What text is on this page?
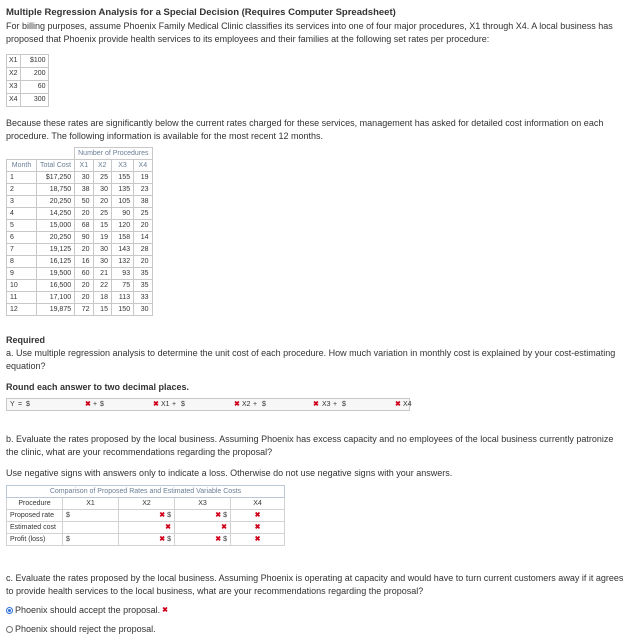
Multiple Regression Analysis for a Special Decision (Requires Computer Spreadsheet)

For billing purposes, assume Phoenix Family Medical Clinic classifies its services into one of four major procedures, X1 through X4. A local business has proposed that Phoenix provide health services to its employees and their families at the following set rates per procedure:

X1	$100
X2	200
X3	60
X4	300

Because these rates are significantly below the current rates charged for these services, management has asked for detailed cost information on each procedure. The following information is available for the most recent 12 months.

		Number of Procedures			
Month	Total Cost	X1	X2	X3	X4
1	$17,250	30	25	155	19
2	18,750	38	30	135	23
3	20,250	50	20	105	38
4	14,250	20	25	90	25
5	15,000	68	15	120	20
6	20,250	90	19	158	14
7	19,125	20	30	143	28
8	16,125	16	30	132	20
9	19,500	60	21	93	35
10	16,500	20	22	75	35
11	17,100	20	18	113	33
12	19,875	72	15	150	30
Required

a. Use multiple regression analysis to determine the unit cost of each procedure. How much variation in monthly cost is explained by your cost-estimating equation?

Round each answer to two decimal places.
Y = $	✖ + $	✖ X1 + $	✖ X2 + $	✖ X3 + $	✖ X4

b. Evaluate the rates proposed by the local business. Assuming Phoenix has excess capacity and no employees of the local business currently patronize the clinic, what are your recommendations regarding the proposal?

Use negative signs with answers only to indicate a loss. Otherwise do not use negative signs with your answers.

Comparison of Proposed Rates and Estimated Variable Costs				
Procedure	X1	X2	X3	X4
Proposed rate	$	✖ $	✖ $	✖
Estimated cost		✖	✖	✖
Profit (loss)	$	✖ $	✖ $	✖

c. Evaluate the rates proposed by the local business. Assuming Phoenix is operating at capacity and would have to turn current customers away if it agrees to provide health services to the local business, what are your recommendations regarding the proposal?

Phoenix should accept the proposal. ✖
Phoenix should reject the proposal.
